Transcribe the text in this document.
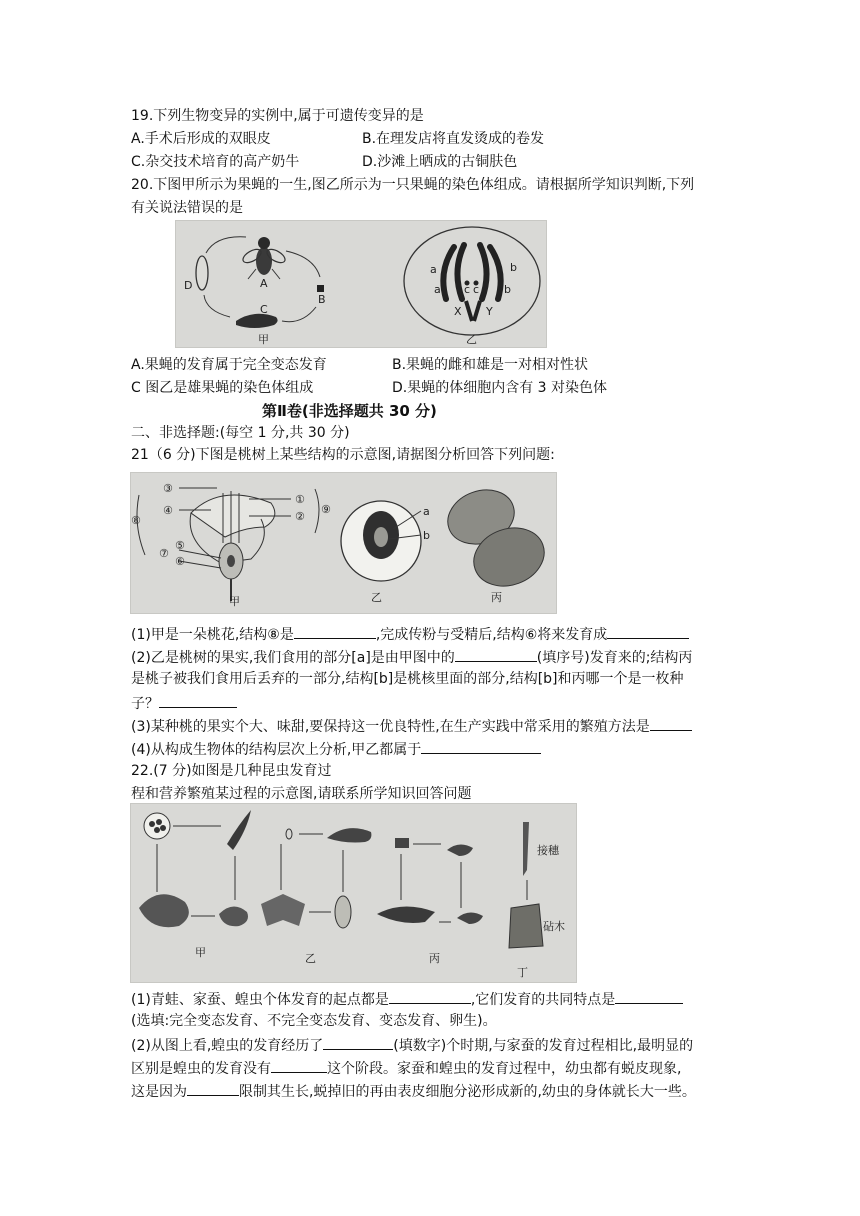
19.下列生物变异的实例中,属于可遗传变异的是
A.手术后形成的双眼皮	B.在理发店将直发烫成的卷发
C.杂交技术培育的高产奶牛	D.沙滩上晒成的古铜肤色
20.下图甲所示为果蝇的一生,图乙所示为一只果蝇的染色体组成。请根据所学知识判断,下列
有关说法错误的是
A
B
C
D
甲
a
a
b
b
c c
X Y
乙
A.果蝇的发育属于完全变态发育	B.果蝇的雌和雄是一对相对性状
C 图乙是雄果蝇的染色体组成	D.果蝇的体细胞内含有 3 对染色体
第Ⅱ卷(非选择题共 30 分)
二、非选择题:(每空 1 分,共 30 分)
21（6 分)下图是桃树上某些结构的示意图,请据图分析回答下列问题:
③
④
⑧
⑤
⑦
⑥
①
②
⑨
甲
a
b
乙	丙
(1)甲是一朵桃花,结构⑧是	,完成传粉与受精后,结构⑥将来发育成
(2)乙是桃树的果实,我们食用的部分[a]是由甲图中的	(填序号)发育来的;结构丙
是桃子被我们食用后丢弃的一部分,结构[b]是桃核里面的部分,结构[b]和丙哪一个是一枚种
子？
(3)某种桃的果实个大、味甜,要保持这一优良特性,在生产实践中常采用的繁殖方法是
(4)从构成生物体的结构层次上分析,甲乙都属于
22.(7 分)如图是几种昆虫发育过
程和营养繁殖某过程的示意图,请联系所学知识回答问题
甲	乙	丙
接穗
砧木
丁
(1)青蛙、家蚕、蝗虫个体发育的起点都是	,它们发育的共同特点是
(选填:完全变态发育、不完全变态发育、变态发育、卵生)。
(2)从图上看,蝗虫的发育经历了	(填数字)个时期,与家蚕的发育过程相比,最明显的
区别是蝗虫的发育没有	这个阶段。家蚕和蝗虫的发育过程中，幼虫都有蜕皮现象,
这是因为	限制其生长,蜕掉旧的再由表皮细胞分泌形成新的,幼虫的身体就长大一些。
